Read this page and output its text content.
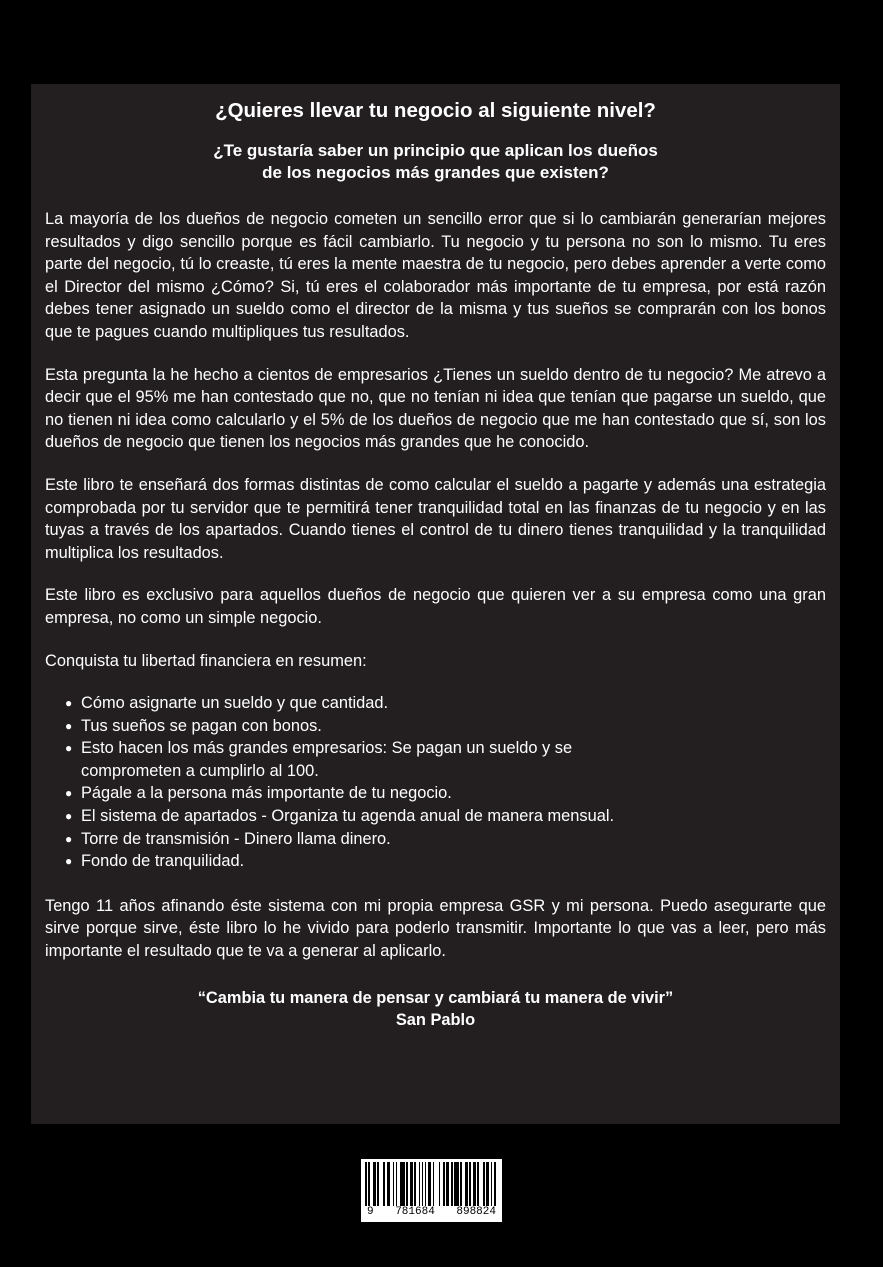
¿Quieres llevar tu negocio al siguiente nivel?
¿Te gustaría saber un principio que aplican los dueños
de los negocios más grandes que existen?

La mayoría de los dueños de negocio cometen un sencillo error que si lo cambiarán generarían mejores resultados y digo sencillo porque es fácil cambiarlo. Tu negocio y tu persona no son lo mismo. Tu eres parte del negocio, tú lo creaste, tú eres la mente maestra de tu negocio, pero debes aprender a verte como el Director del mismo ¿Cómo? Si, tú eres el colaborador más importante de tu empresa, por está razón debes tener asignado un sueldo como el director de la misma y tus sueños se comprarán con los bonos que te pagues cuando multipliques tus resultados.

Esta pregunta la he hecho a cientos de empresarios ¿Tienes un sueldo dentro de tu negocio? Me atrevo a decir que el 95% me han contestado que no, que no tenían ni idea que tenían que pagarse un sueldo, que no tienen ni idea como calcularlo y el 5% de los dueños de negocio que me han contestado que sí, son los dueños de negocio que tienen los negocios más grandes que he conocido.

Este libro te enseñará dos formas distintas de como calcular el sueldo a pagarte y además una estrategia comprobada por tu servidor que te permitirá tener tranquilidad total en las finanzas de tu negocio y en las tuyas a través de los apartados. Cuando tienes el control de tu dinero tienes tranquilidad y la tranquilidad multiplica los resultados.

Este libro es exclusivo para aquellos dueños de negocio que quieren ver a su empresa como una gran empresa, no como un simple negocio.

Conquista tu libertad financiera en resumen:

● Cómo asignarte un sueldo y que cantidad.
● Tus sueños se pagan con bonos.
● Esto hacen los más grandes empresarios: Se pagan un sueldo y se comprometen a cumplirlo al 100.
● Págale a la persona más importante de tu negocio.
● El sistema de apartados - Organiza tu agenda anual de manera mensual.
● Torre de transmisión - Dinero llama dinero.
● Fondo de tranquilidad.

Tengo 11 años afinando éste sistema con mi propia empresa GSR y mi persona. Puedo asegurarte que sirve porque sirve, éste libro lo he vivido para poderlo transmitir. Importante lo que vas a leer, pero más importante el resultado que te va a generar al aplicarlo.

“Cambia tu manera de pensar y cambiará tu manera de vivir”
San Pablo
9 781684 898824
